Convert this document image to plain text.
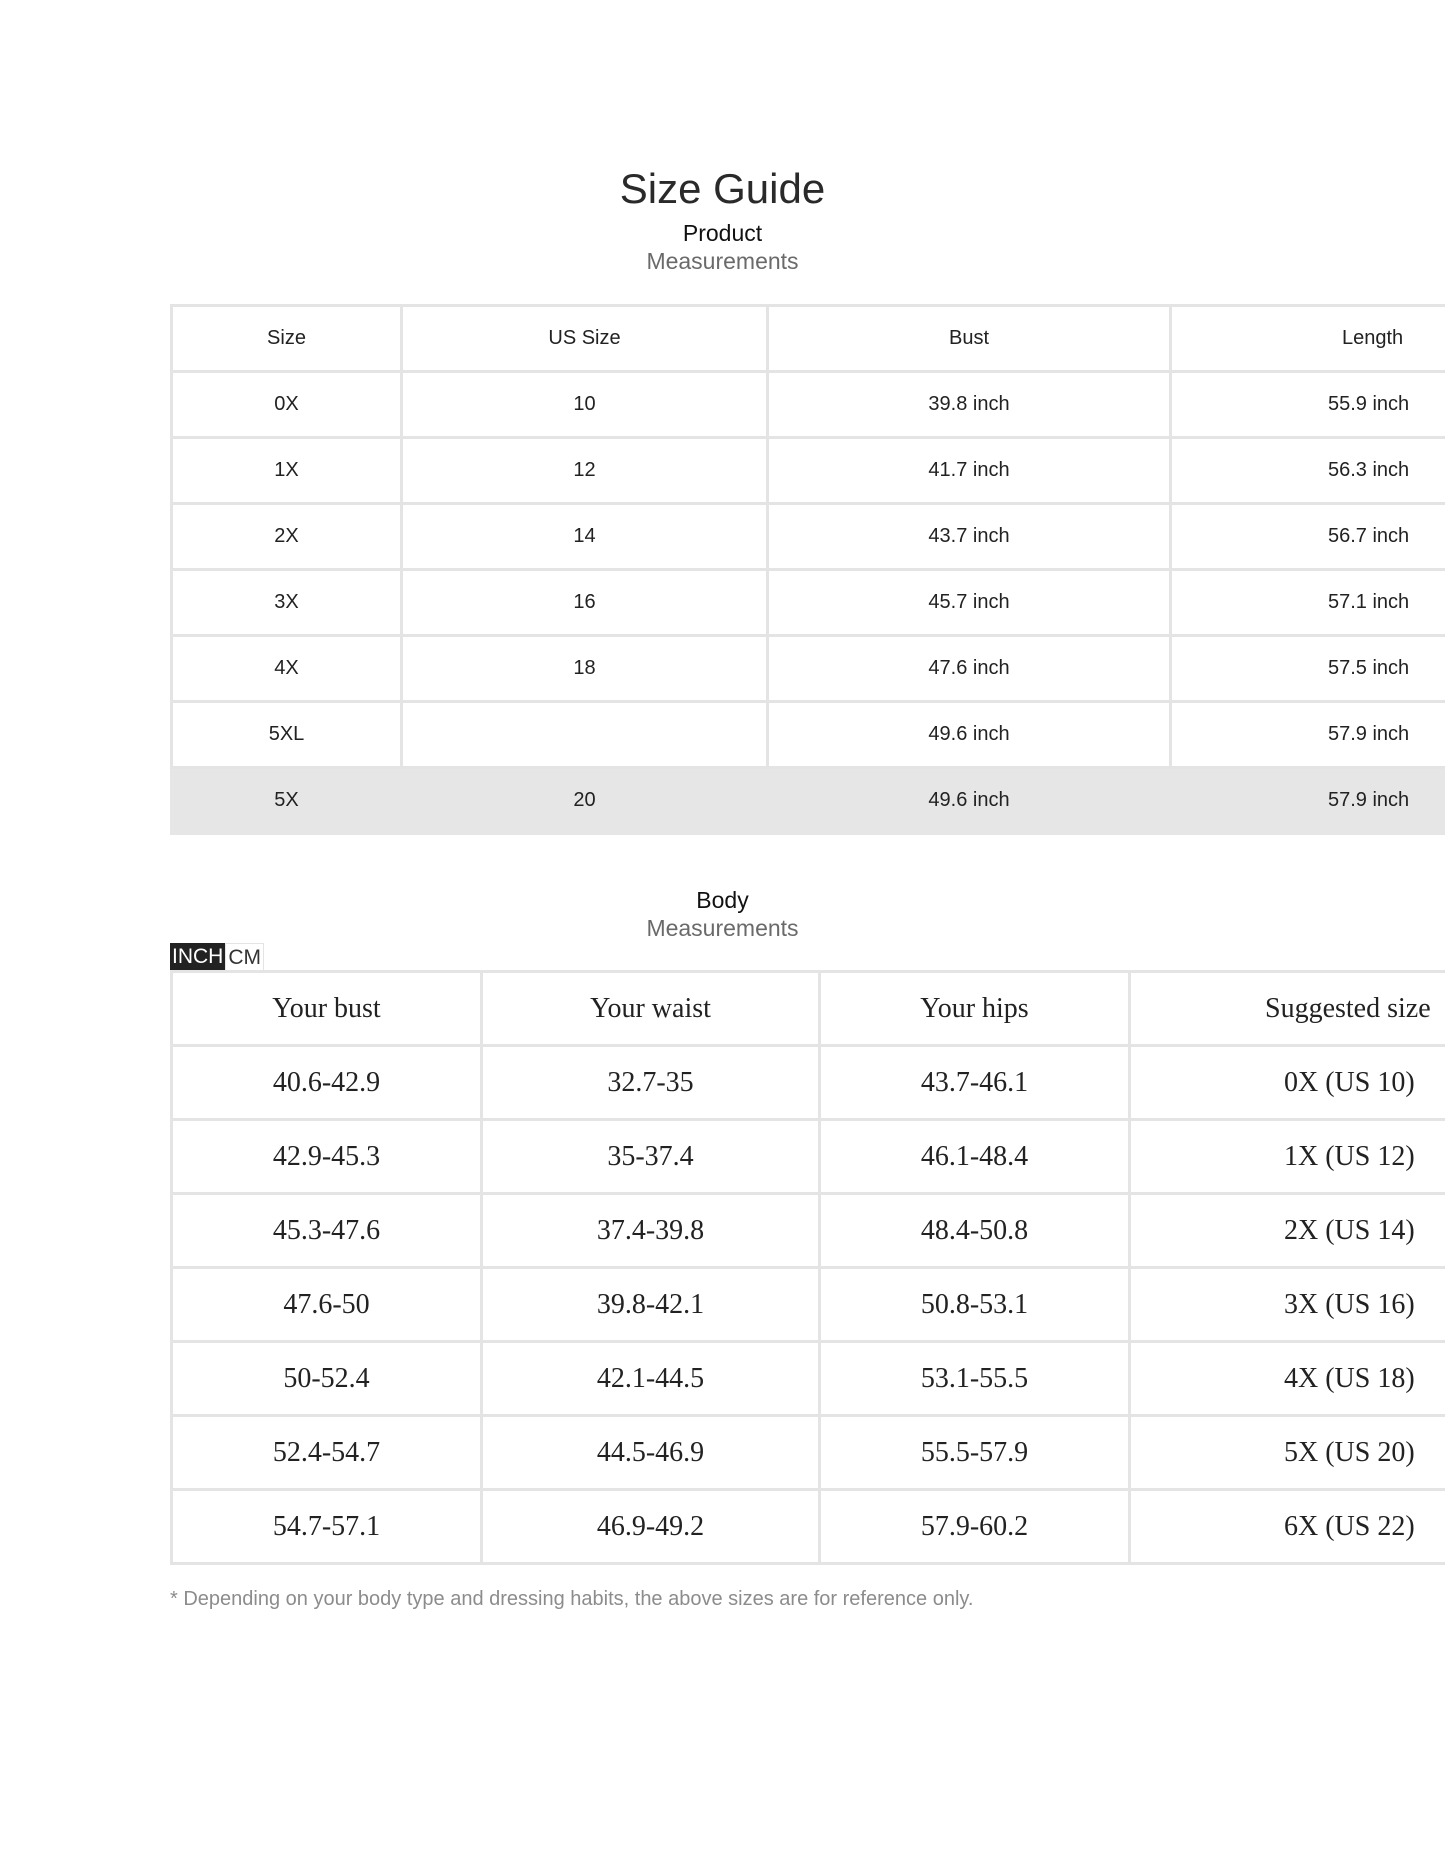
Size Guide
Product
Measurements
Size	US Size	Bust	Length
0X	10	39.8 inch	55.9 inch
1X	12	41.7 inch	56.3 inch
2X	14	43.7 inch	56.7 inch
3X	16	45.7 inch	57.1 inch
4X	18	47.6 inch	57.5 inch
5XL		49.6 inch	57.9 inch
5X	20	49.6 inch	57.9 inch
Body
Measurements
INCH CM
Your bust	Your waist	Your hips	Suggested size
40.6-42.9	32.7-35	43.7-46.1	0X (US 10)
42.9-45.3	35-37.4	46.1-48.4	1X (US 12)
45.3-47.6	37.4-39.8	48.4-50.8	2X (US 14)
47.6-50	39.8-42.1	50.8-53.1	3X (US 16)
50-52.4	42.1-44.5	53.1-55.5	4X (US 18)
52.4-54.7	44.5-46.9	55.5-57.9	5X (US 20)
54.7-57.1	46.9-49.2	57.9-60.2	6X (US 22)
* Depending on your body type and dressing habits, the above sizes are for reference only.
